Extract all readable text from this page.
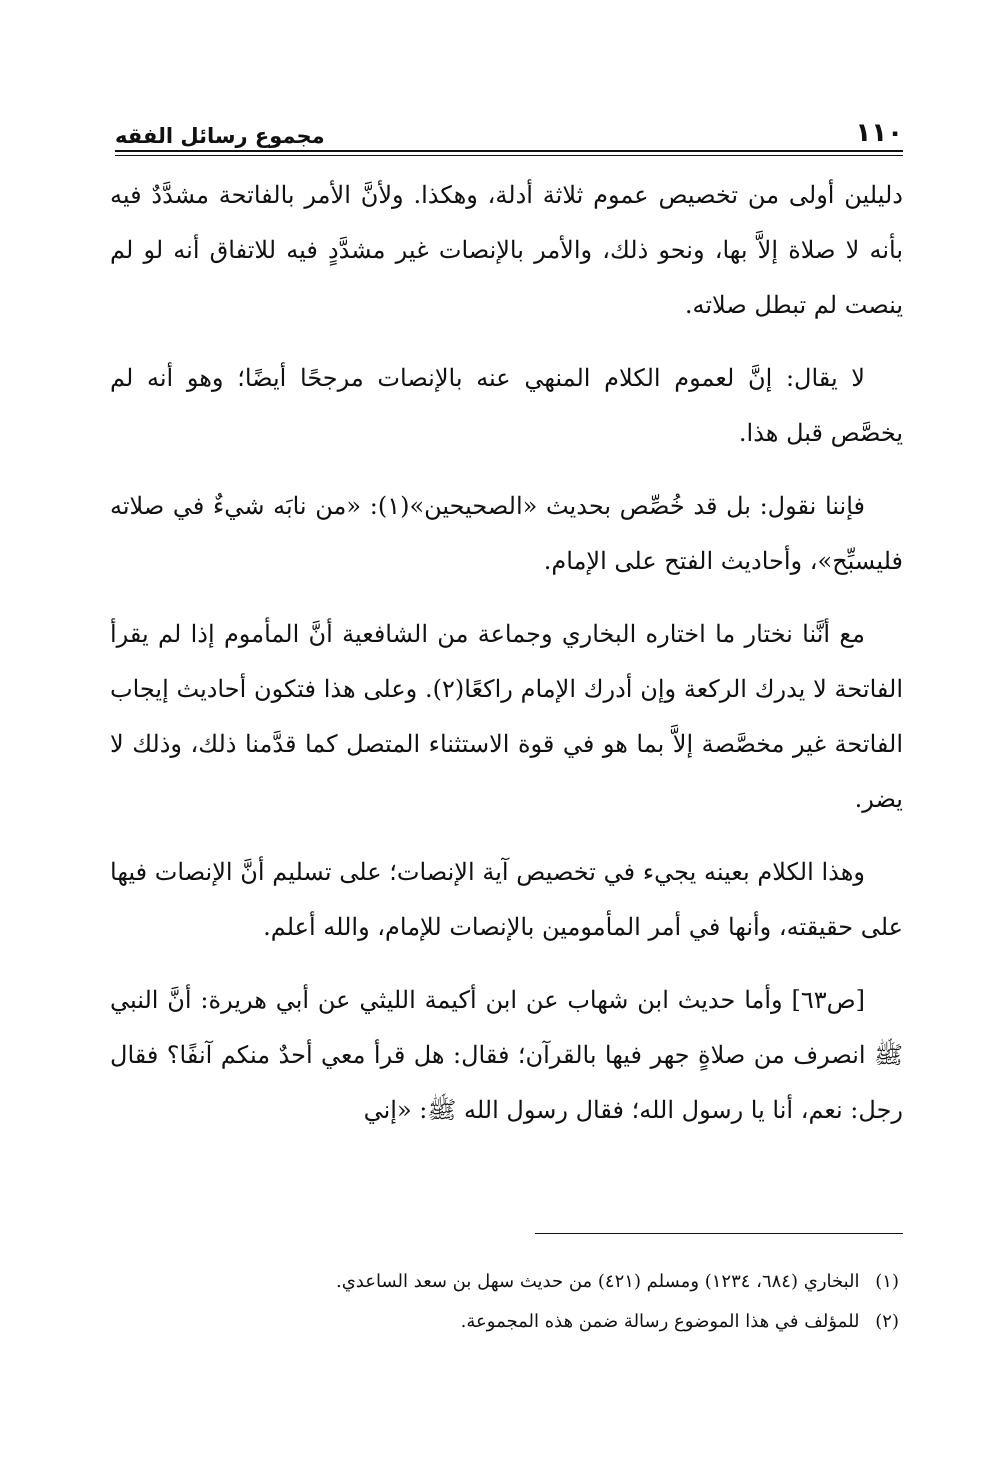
١١٠
مجموع رسائل الفقه

دليلين أولى من تخصيص عموم ثلاثة أدلة، وهكذا. ولأنَّ الأمر بالفاتحة مشدَّدٌ فيه بأنه لا صلاة إلاَّ بها، ونحو ذلك، والأمر بالإنصات غير مشدَّدٍ فيه للاتفاق أنه لو لم ينصت لم تبطل صلاته.

لا يقال: إنَّ لعموم الكلام المنهي عنه بالإنصات مرجحًا أيضًا؛ وهو أنه لم يخصَّص قبل هذا.

فإننا نقول: بل قد خُصِّص بحديث «الصحيحين»(١): «من نابَه شيءٌ في صلاته فليسبِّح»، وأحاديث الفتح على الإمام.

مع أنَّنا نختار ما اختاره البخاري وجماعة من الشافعية أنَّ المأموم إذا لم يقرأ الفاتحة لا يدرك الركعة وإن أدرك الإمام راكعًا(٢). وعلى هذا فتكون أحاديث إيجاب الفاتحة غير مخصَّصة إلاَّ بما هو في قوة الاستثناء المتصل كما قدَّمنا ذلك، وذلك لا يضر.

وهذا الكلام بعينه يجيء في تخصيص آية الإنصات؛ على تسليم أنَّ الإنصات فيها على حقيقته، وأنها في أمر المأمومين بالإنصات للإمام، والله أعلم.

[ص٦٣] وأما حديث ابن شهاب عن ابن أكيمة الليثي عن أبي هريرة: أنَّ النبي ﷺ انصرف من صلاةٍ جهر فيها بالقرآن؛ فقال: هل قرأ معي أحدٌ منكم آنفًا؟ فقال رجل: نعم، أنا يا رسول الله؛ فقال رسول الله ﷺ: «إني

(١) البخاري (٦٨٤، ١٢٣٤) ومسلم (٤٢١) من حديث سهل بن سعد الساعدي.

(٢) للمؤلف في هذا الموضوع رسالة ضمن هذه المجموعة.
